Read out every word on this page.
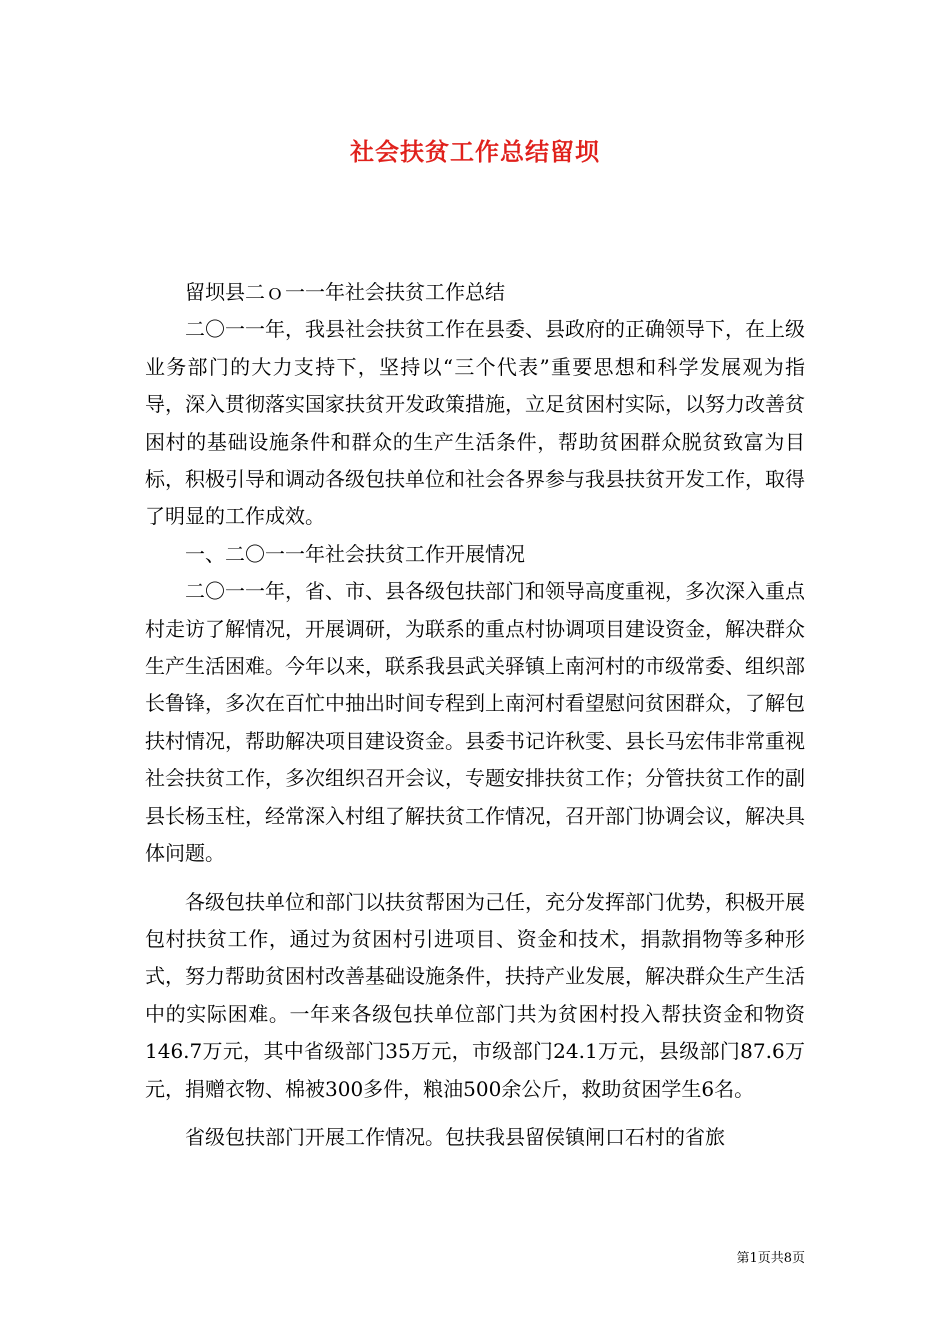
社会扶贫工作总结留坝

留坝县二ｏ一一年社会扶贫工作总结

二〇一一年，我县社会扶贫工作在县委、县政府的正确领导下，在上级业务部门的大力支持下，坚持以“三个代表”重要思想和科学发展观为指导，深入贯彻落实国家扶贫开发政策措施，立足贫困村实际，以努力改善贫困村的基础设施条件和群众的生产生活条件，帮助贫困群众脱贫致富为目标，积极引导和调动各级包扶单位和社会各界参与我县扶贫开发工作，取得了明显的工作成效。

一、二〇一一年社会扶贫工作开展情况

二〇一一年，省、市、县各级包扶部门和领导高度重视，多次深入重点村走访了解情况，开展调研，为联系的重点村协调项目建设资金，解决群众生产生活困难。今年以来，联系我县武关驿镇上南河村的市级常委、组织部长鲁锋，多次在百忙中抽出时间专程到上南河村看望慰问贫困群众，了解包扶村情况，帮助解决项目建设资金。县委书记许秋雯、县长马宏伟非常重视社会扶贫工作，多次组织召开会议，专题安排扶贫工作；分管扶贫工作的副县长杨玉柱，经常深入村组了解扶贫工作情况，召开部门协调会议，解决具体问题。

各级包扶单位和部门以扶贫帮困为己任，充分发挥部门优势，积极开展包村扶贫工作，通过为贫困村引进项目、资金和技术，捐款捐物等多种形式，努力帮助贫困村改善基础设施条件，扶持产业发展，解决群众生产生活中的实际困难。一年来各级包扶单位部门共为贫困村投入帮扶资金和物资146.7万元，其中省级部门35万元，市级部门24.1万元，县级部门87.6万元，捐赠衣物、棉被300多件，粮油500余公斤，救助贫困学生6名。

省级包扶部门开展工作情况。包扶我县留侯镇闸口石村的省旅

第1页共8页
